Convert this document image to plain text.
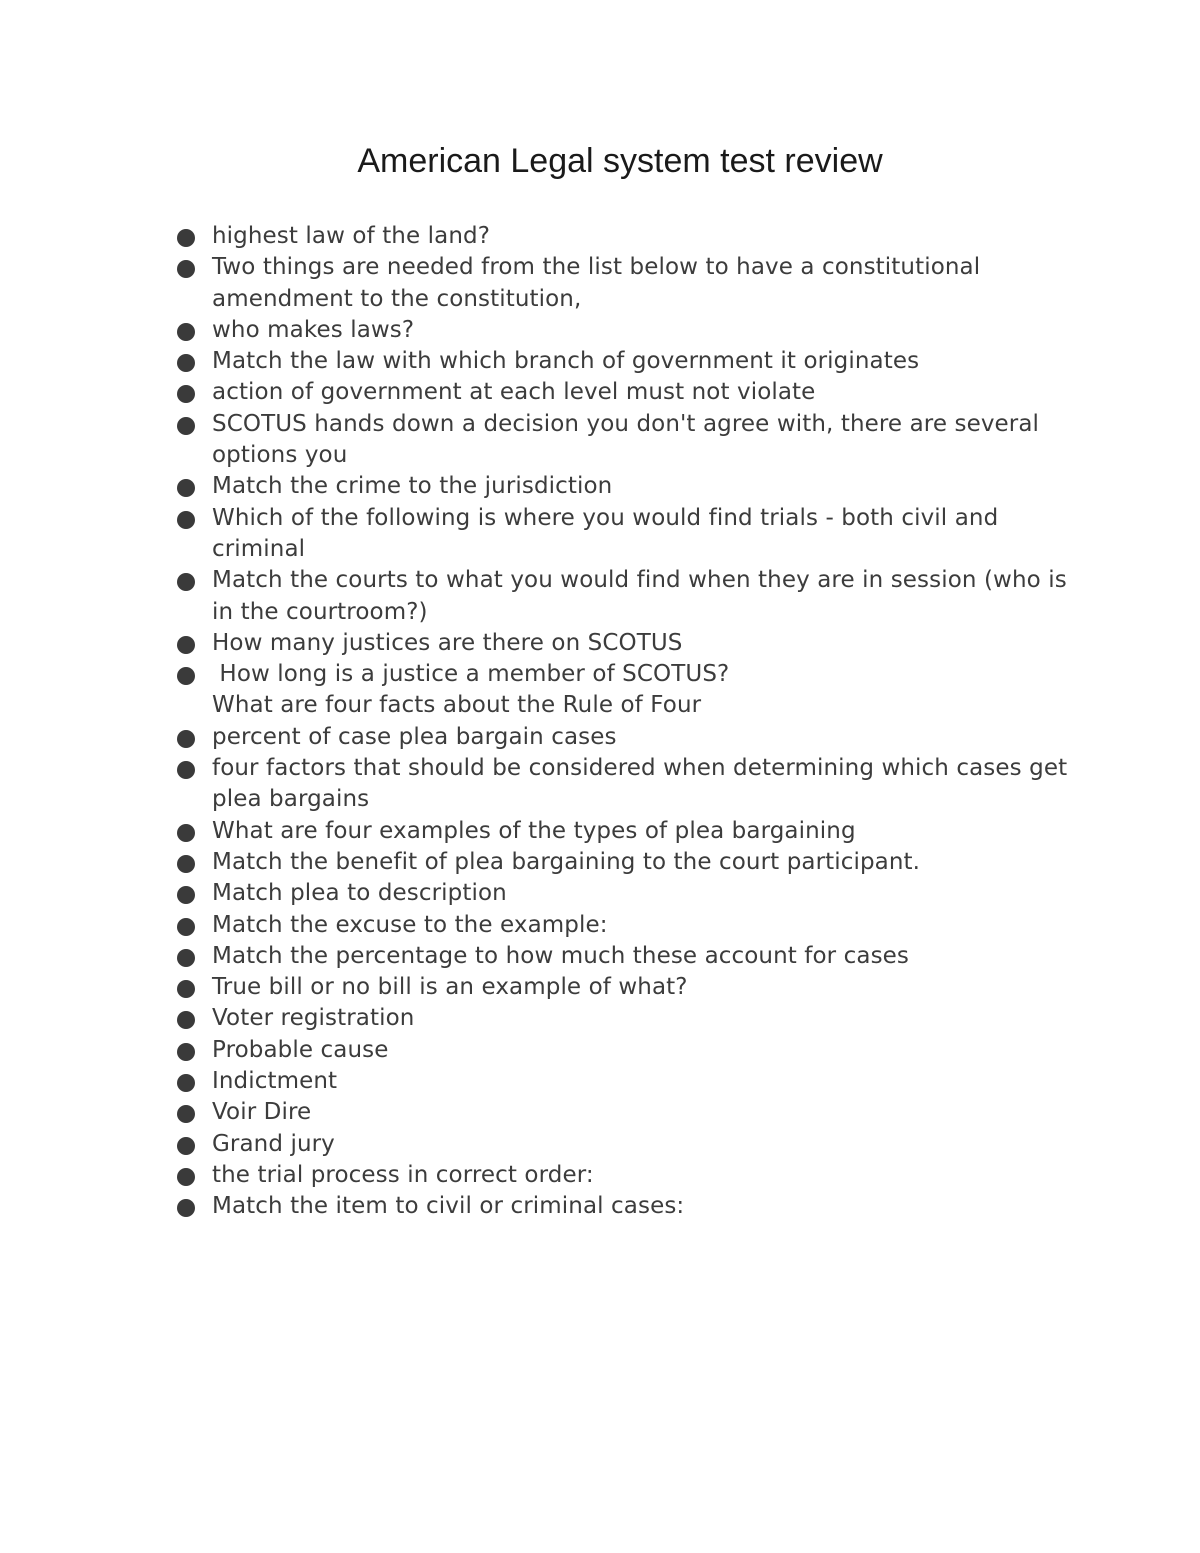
American Legal system test review
highest law of the land?
Two things are needed from the list below to have a constitutional amendment to the constitution,
who makes laws?
Match the law with which branch of government it originates
action of government at each level must not violate
SCOTUS hands down a decision you don't agree with, there are several options you
Match the crime to the jurisdiction
Which of the following is where you would find trials - both civil and criminal
Match the courts to what you would find when they are in session (who is in the courtroom?)
How many justices are there on SCOTUS
How long is a justice a member of SCOTUS?
What are four facts about the Rule of Four
percent of case plea bargain cases
four factors that should be considered when determining which cases get plea bargains
What are four examples of the types of plea bargaining
Match the benefit of plea bargaining to the court participant.
Match plea to description
Match the excuse to the example:
Match the percentage to how much these account for cases
True bill or no bill is an example of what?
Voter registration
Probable cause
Indictment
Voir Dire
Grand jury
the trial process in correct order:
Match the item to civil or criminal cases:
